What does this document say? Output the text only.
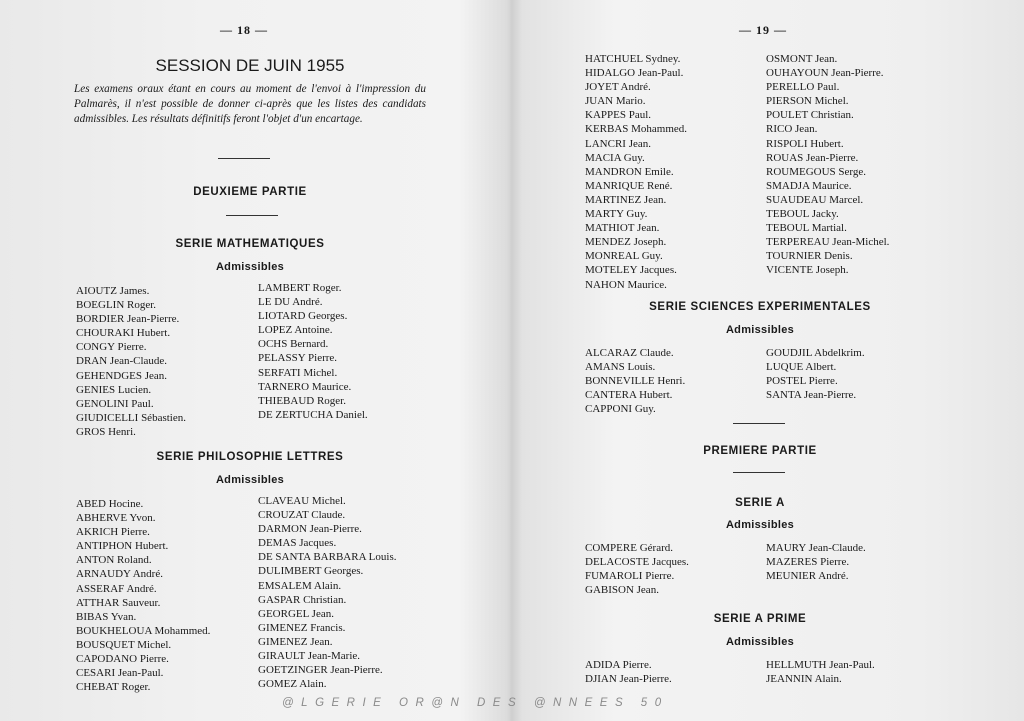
— 18 —
SESSION DE JUIN 1955
Les examens oraux étant en cours au moment de l'envoi à l'impression du Palmarès, il n'est possible de donner ci-après que les listes des candidats admissibles. Les résultats définitifs feront l'objet d'un encartage.
DEUXIEME PARTIE
SERIE MATHEMATIQUES
Admissibles
AIOUTZ James.
BOEGLIN Roger.
BORDIER Jean-Pierre.
CHOURAKI Hubert.
CONGY Pierre.
DRAN Jean-Claude.
GEHENDGES Jean.
GENIES Lucien.
GENOLINI Paul.
GIUDICELLI Sébastien.
GROS Henri.
LAMBERT Roger.
LE DU André.
LIOTARD Georges.
LOPEZ Antoine.
OCHS Bernard.
PELASSY Pierre.
SERFATI Michel.
TARNERO Maurice.
THIEBAUD Roger.
DE ZERTUCHA Daniel.
SERIE PHILOSOPHIE LETTRES
Admissibles
ABED Hocine.
ABHERVE Yvon.
AKRICH Pierre.
ANTIPHON Hubert.
ANTON Roland.
ARNAUDY André.
ASSERAF André.
ATTHAR Sauveur.
BIBAS Yvan.
BOUKHELOUA Mohammed.
BOUSQUET Michel.
CAPODANO Pierre.
CESARI Jean-Paul.
CHEBAT Roger.
CLAVEAU Michel.
CROUZAT Claude.
DARMON Jean-Pierre.
DEMAS Jacques.
DE SANTA BARBARA Louis.
DULIMBERT Georges.
EMSALEM Alain.
GASPAR Christian.
GEORGEL Jean.
GIMENEZ Francis.
GIMENEZ Jean.
GIRAULT Jean-Marie.
GOETZINGER Jean-Pierre.
GOMEZ Alain.
— 19 —
HATCHUEL Sydney.
HIDALGO Jean-Paul.
JOYET André.
JUAN Mario.
KAPPES Paul.
KERBAS Mohammed.
LANCRI Jean.
MACIA Guy.
MANDRON Emile.
MANRIQUE René.
MARTINEZ Jean.
MARTY Guy.
MATHIOT Jean.
MENDEZ Joseph.
MONREAL Guy.
MOTELEY Jacques.
NAHON Maurice.
OSMONT Jean.
OUHAYOUN Jean-Pierre.
PERELLO Paul.
PIERSON Michel.
POULET Christian.
RICO Jean.
RISPOLI Hubert.
ROUAS Jean-Pierre.
ROUMEGOUS Serge.
SMADJA Maurice.
SUAUDEAU Marcel.
TEBOUL Jacky.
TEBOUL Martial.
TERPEREAU Jean-Michel.
TOURNIER Denis.
VICENTE Joseph.
SERIE SCIENCES EXPERIMENTALES
Admissibles
ALCARAZ Claude.
AMANS Louis.
BONNEVILLE Henri.
CANTERA Hubert.
CAPPONI Guy.
GOUDJIL Abdelkrim.
LUQUE Albert.
POSTEL Pierre.
SANTA Jean-Pierre.
PREMIERE PARTIE
SERIE A
Admissibles
COMPERE Gérard.
DELACOSTE Jacques.
FUMAROLI Pierre.
GABISON Jean.
MAURY Jean-Claude.
MAZERES Pierre.
MEUNIER André.
SERIE A PRIME
Admissibles
ADIDA Pierre.
DJIAN Jean-Pierre.
HELLMUTH Jean-Paul.
JEANNIN Alain.
@LGERIE OR@N DES @NNEES 50
